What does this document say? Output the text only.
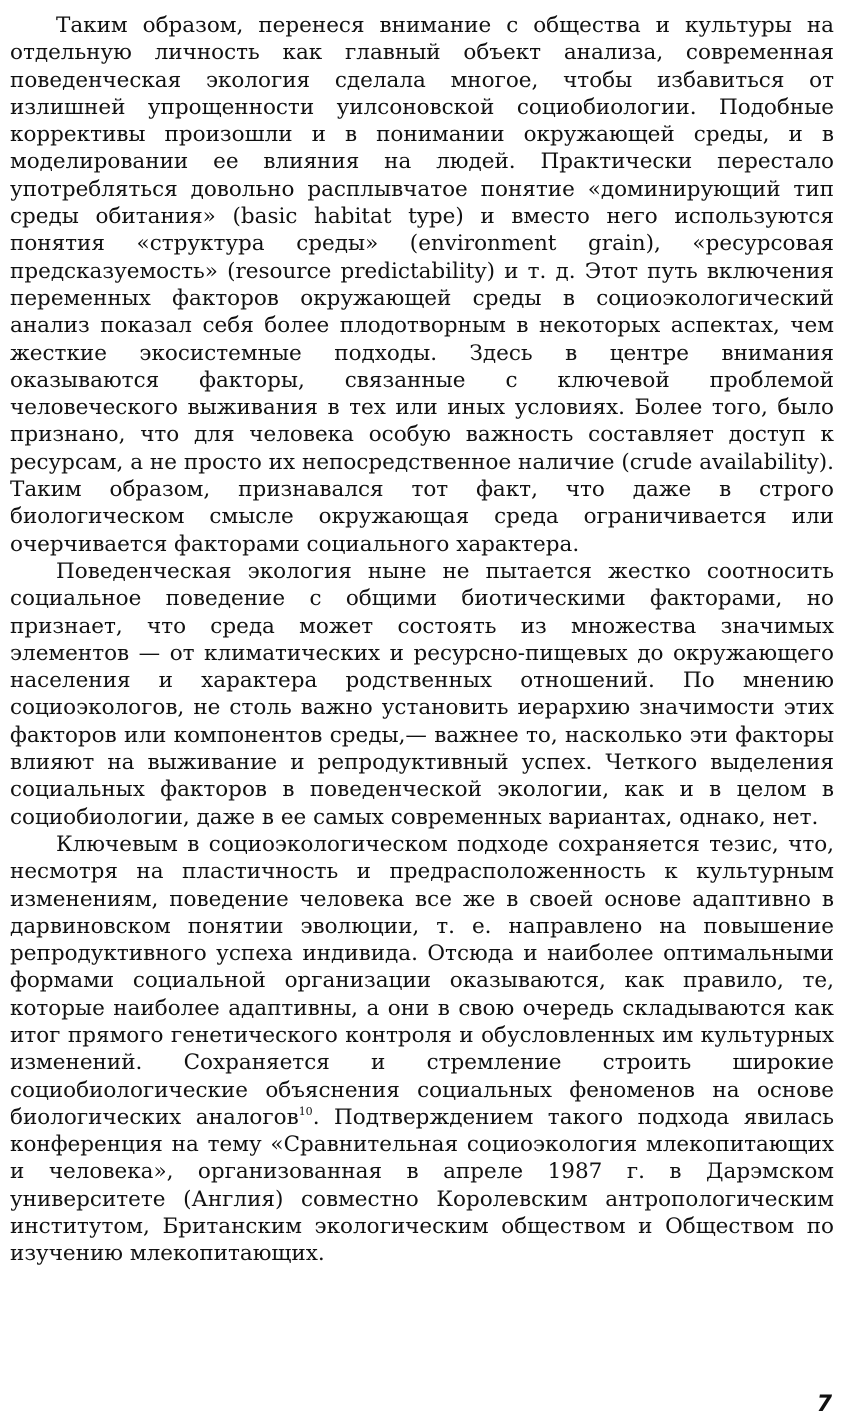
Таким образом, перенеся внимание с общества и культуры на отдельную личность как главный объект анализа, современная поведенческая экология сделала многое, чтобы избавиться от излишней упрощенности уилсоновской социобиологии. Подобные коррективы произошли и в понимании окружающей среды, и в моделировании ее влияния на людей. Практически перестало употребляться довольно расплывчатое понятие «доминирующий тип среды обитания» (basic habitat type) и вместо него используются понятия «структура среды» (environment grain), «ресурсовая предсказуемость» (resource predictability) и т. д. Этот путь включения переменных факторов окружающей среды в социоэкологический анализ показал себя более плодотворным в некоторых аспектах, чем жесткие экосистемные подходы. Здесь в центре внимания оказываются факторы, связанные с ключевой проблемой человеческого выживания в тех или иных условиях. Более того, было признано, что для человека особую важность составляет доступ к ресурсам, а не просто их непосредственное наличие (crude availability). Таким образом, признавался тот факт, что даже в строго биологическом смысле окружающая среда ограничивается или очерчивается факторами социального характера.

Поведенческая экология ныне не пытается жестко соотносить социальное поведение с общими биотическими факторами, но признает, что среда может состоять из множества значимых элементов — от климатических и ресурсно-пищевых до окружающего населения и характера родственных отношений. По мнению социоэкологов, не столь важно установить иерархию значимости этих факторов или компонентов среды,— важнее то, насколько эти факторы влияют на выживание и репродуктивный успех. Четкого выделения социальных факторов в поведенческой экологии, как и в целом в социобиологии, даже в ее самых современных вариантах, однако, нет.

Ключевым в социоэкологическом подходе сохраняется тезис, что, несмотря на пластичность и предрасположенность к культурным изменениям, поведение человека все же в своей основе адаптивно в дарвиновском понятии эволюции, т. е. направлено на повышение репродуктивного успеха индивида. Отсюда и наиболее оптимальными формами социальной организации оказываются, как правило, те, которые наиболее адаптивны, а они в свою очередь складываются как итог прямого генетического контроля и обусловленных им культурных изменений. Сохраняется и стремление строить широкие социобиологические объяснения социальных феноменов на основе биологических аналогов$^{10}$. Подтверждением такого подхода явилась конференция на тему «Сравнительная социоэкология млекопитающих и человека», организованная в апреле 1987 г. в Дарэмском университете (Англия) совместно Королевским антропологическим институтом, Британским экологическим обществом и Обществом по изучению млекопитающих.

7
